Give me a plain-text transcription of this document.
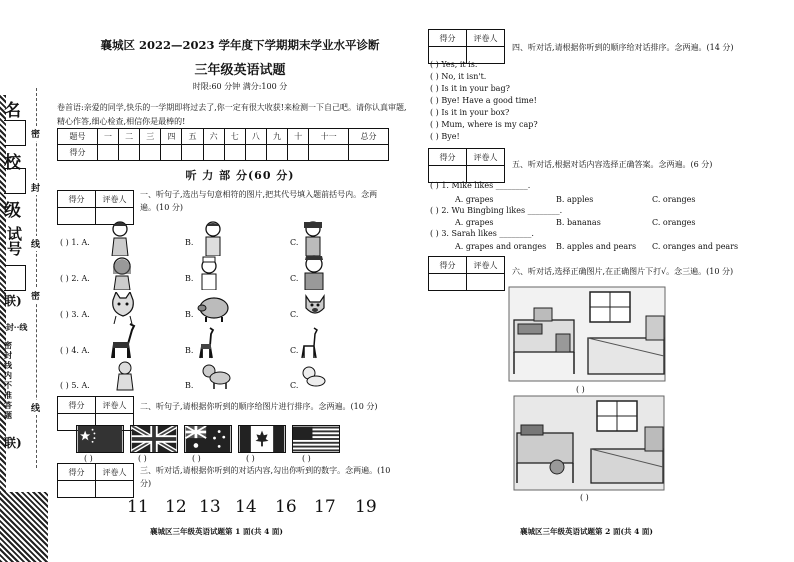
名
校
级
试号
联)
密
封
线
密
·封··线
密封线内不准答题
线
联)
襄城区 2022—2023 学年度下学期期末学业水平诊断
三年级英语试题
时限:60 分钟 满分:100 分
卷首语:亲爱的同学,快乐的一学期即将过去了,你一定有很大收获!来检测一下自己吧。请你认真审题,精心作答,细心检查,相信你是最棒的!
题号	一	二	三	四	五	六	七	八	九	十	十一	总分
得分												
听 力 部 分(60 分)
得分	评卷人
	一、听句子,选出与句意相符的图片,把其代号填入题前括号内。念两遍。(10 分)
( ) 1. A.	B.	C.
( ) 2. A.	B.	C.
( ) 3. A.	B.	C.
( ) 4. A.	B.	C.
( ) 5. A.	B.	C.
得分	评卷人
	二、听句子,请根据你听到的顺序给图片进行排序。念两遍。(10 分)
( )	( )	( )	( )	( )
得分	评卷人
	三、听对话,请根据你听到的对话内容,勾出你听到的数字。念两遍。(10 分)
11 12 13 14 16 17 19
襄城区三年级英语试题第 1 面(共 4 面)
得分	评卷人

四、听对话,请根据你听到的顺序给对话排序。念两遍。(14 分)
( ) Yes, it is.
( ) No, it isn't.
( ) Is it in your bag?
( ) Bye! Have a good time!
( ) Is it in your box?
( ) Mum, where is my cap?
( ) Bye!
得分	评卷人

五、听对话,根据对话内容选择正确答案。念两遍。(6 分)
( ) 1. Mike likes ________.
A. grapes	B. apples	C. oranges
( ) 2. Wu Bingbing likes ________.
A. grapes	B. bananas	C. oranges
( ) 3. Sarah likes ________.
A. grapes and oranges B. apples and pears C. oranges and pears
得分	评卷人

六、听对话,选择正确图片,在正确图片下打√。念三遍。(10 分)
( )
( )
襄城区三年级英语试题第 2 面(共 4 面)
